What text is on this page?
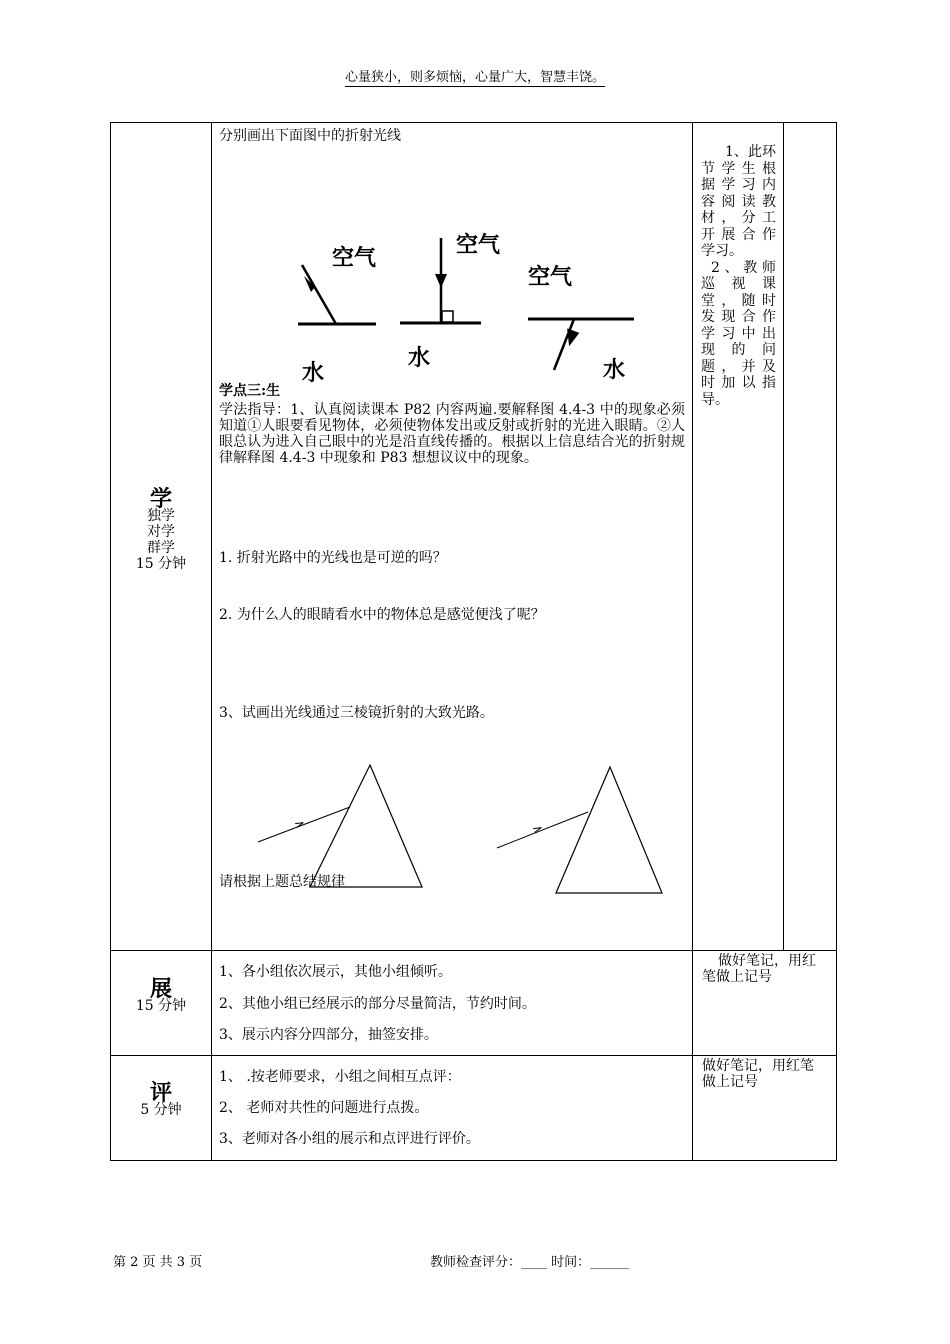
心量狭小，则多烦恼，心量广大，智慧丰饶。
学
独学
对学
群学
15 分钟
分别画出下面图中的折射光线
空气
水
空气
水
空气
水
学点三:生
学法指导：1、认真阅读课本 P82 内容两遍.要解释图 4.4-3 中的现象必须知道①人眼要看见物体，必须使物体发出或反射或折射的光进入眼睛。②人眼总认为进入自己眼中的光是沿直线传播的。根据以上信息结合光的折射规律解释图 4.4-3 中现象和 P83 想想议议中的现象。
1. 折射光路中的光线也是可逆的吗？
2. 为什么人的眼睛看水中的物体总是感觉便浅了呢？
3、试画出光线通过三棱镜折射的大致光路。
请根据上题总结规律
1、此环
节学生根
据学习内
容阅读教
材，分工
开展合作
学习。
2、教师
巡视课
堂，随时
发现合作
学习中出
现的问
题，并及
时加以指
导。
展
15 分钟
1、各小组依次展示，其他小组倾听。
2、其他小组已经展示的部分尽量简洁，节约时间。
3、展示内容分四部分，抽签安排。
做好笔记，用红
笔做上记号
评
5 分钟
1、 .按老师要求，小组之间相互点评：
2、 老师对共性的问题进行点拨。
3、老师对各小组的展示和点评进行评价。
做好笔记，用红笔
做上记号
第 2 页 共 3 页	教师检查评分：____ 时间：______
